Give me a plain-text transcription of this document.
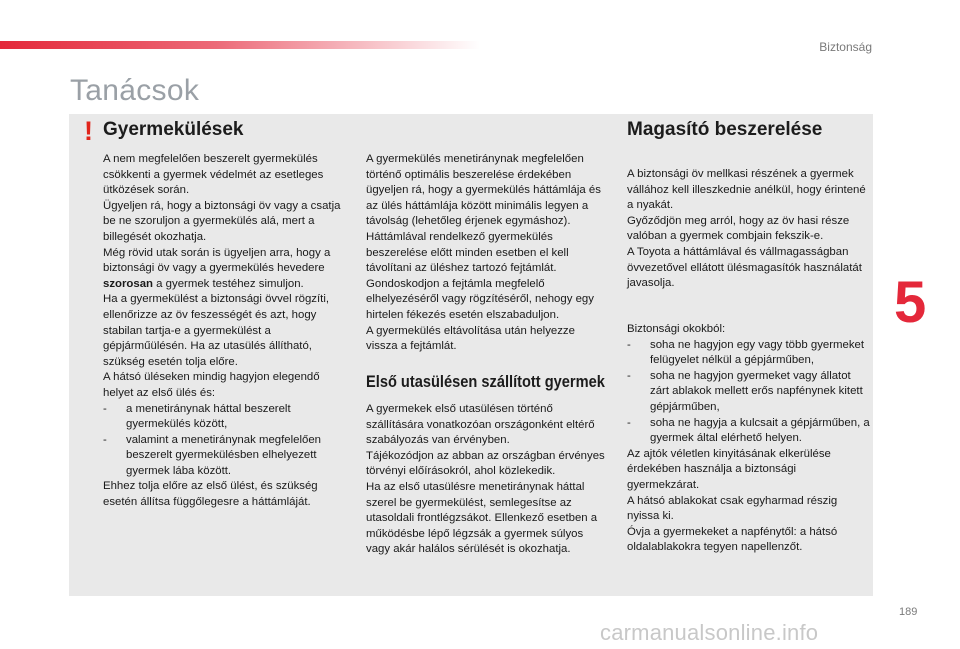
Biztonság
Tanácsok
! Gyermekülések	Magasító beszerelése
Első utasülésen szállított gyermek

A nem megfelelően beszerelt gyermekülés csökkenti a gyermek védelmét az esetleges ütközések során.

Ügyeljen rá, hogy a biztonsági öv vagy a csatja be ne szoruljon a gyermekülés alá, mert a billegését okozhatja.

Még rövid utak során is ügyeljen arra, hogy a biztonsági öv vagy a gyermekülés hevedere szorosan a gyermek testéhez simuljon.

Ha a gyermekülést a biztonsági övvel rögzíti, ellenőrizze az öv feszességét és azt, hogy stabilan tartja-e a gyermekülést a gépjárműülésén. Ha az utasülés állítható, szükség esetén tolja előre.

A hátsó üléseken mindig hagyjon elegendő helyet az első ülés és:

- a menetiránynak háttal beszerelt gyermekülés között,

- valamint a menetiránynak megfelelően beszerelt gyermekülésben elhelyezett gyermek lába között.

Ehhez tolja előre az első ülést, és szükség esetén állítsa függőlegesre a háttámláját.

A gyermekülés menetiránynak megfelelően történő optimális beszerelése érdekében ügyeljen rá, hogy a gyermekülés háttámlája és az ülés háttámlája között minimális legyen a távolság (lehetőleg érjenek egymáshoz).

Háttámlával rendelkező gyermekülés beszerelése előtt minden esetben el kell távolítani az üléshez tartozó fejtámlát.

Gondoskodjon a fejtámla megfelelő elhelyezéséről vagy rögzítéséről, nehogy egy hirtelen fékezés esetén elszabaduljon.

A gyermekülés eltávolítása után helyezze vissza a fejtámlát.

A gyermekek első utasülésen történő szállítására vonatkozóan országonként eltérő szabályozás van érvényben.

Tájékozódjon az abban az országban érvényes törvényi előírásokról, ahol közlekedik.

Ha az első utasülésre menetiránynak háttal szerel be gyermekülést, semlegesítse az utasoldali frontlégzsákot. Ellenkező esetben a működésbe lépő légzsák a gyermek súlyos vagy akár halálos sérülését is okozhatja.

A biztonsági öv mellkasi részének a gyermek vállához kell illeszkednie anélkül, hogy érintené a nyakát.

Győződjön meg arról, hogy az öv hasi része valóban a gyermek combjain fekszik-e.

A Toyota a háttámlával és vállmagasságban övvezetővel ellátott ülésmagasítók használatát javasolja.

Biztonsági okokból:

- soha ne hagyjon egy vagy több gyermeket felügyelet nélkül a gépjárműben,

- soha ne hagyjon gyermeket vagy állatot zárt ablakok mellett erős napfénynek kitett gépjárműben,

- soha ne hagyja a kulcsait a gépjárműben, a gyermek által elérhető helyen.

Az ajtók véletlen kinyitásának elkerülése érdekében használja a biztonsági gyermekzárat.

A hátsó ablakokat csak egyharmad részig nyissa ki.

Óvja a gyermekeket a napfénytől: a hátsó oldalablakokra tegyen napellenzőt.

5
189
carmanualsonline.info
